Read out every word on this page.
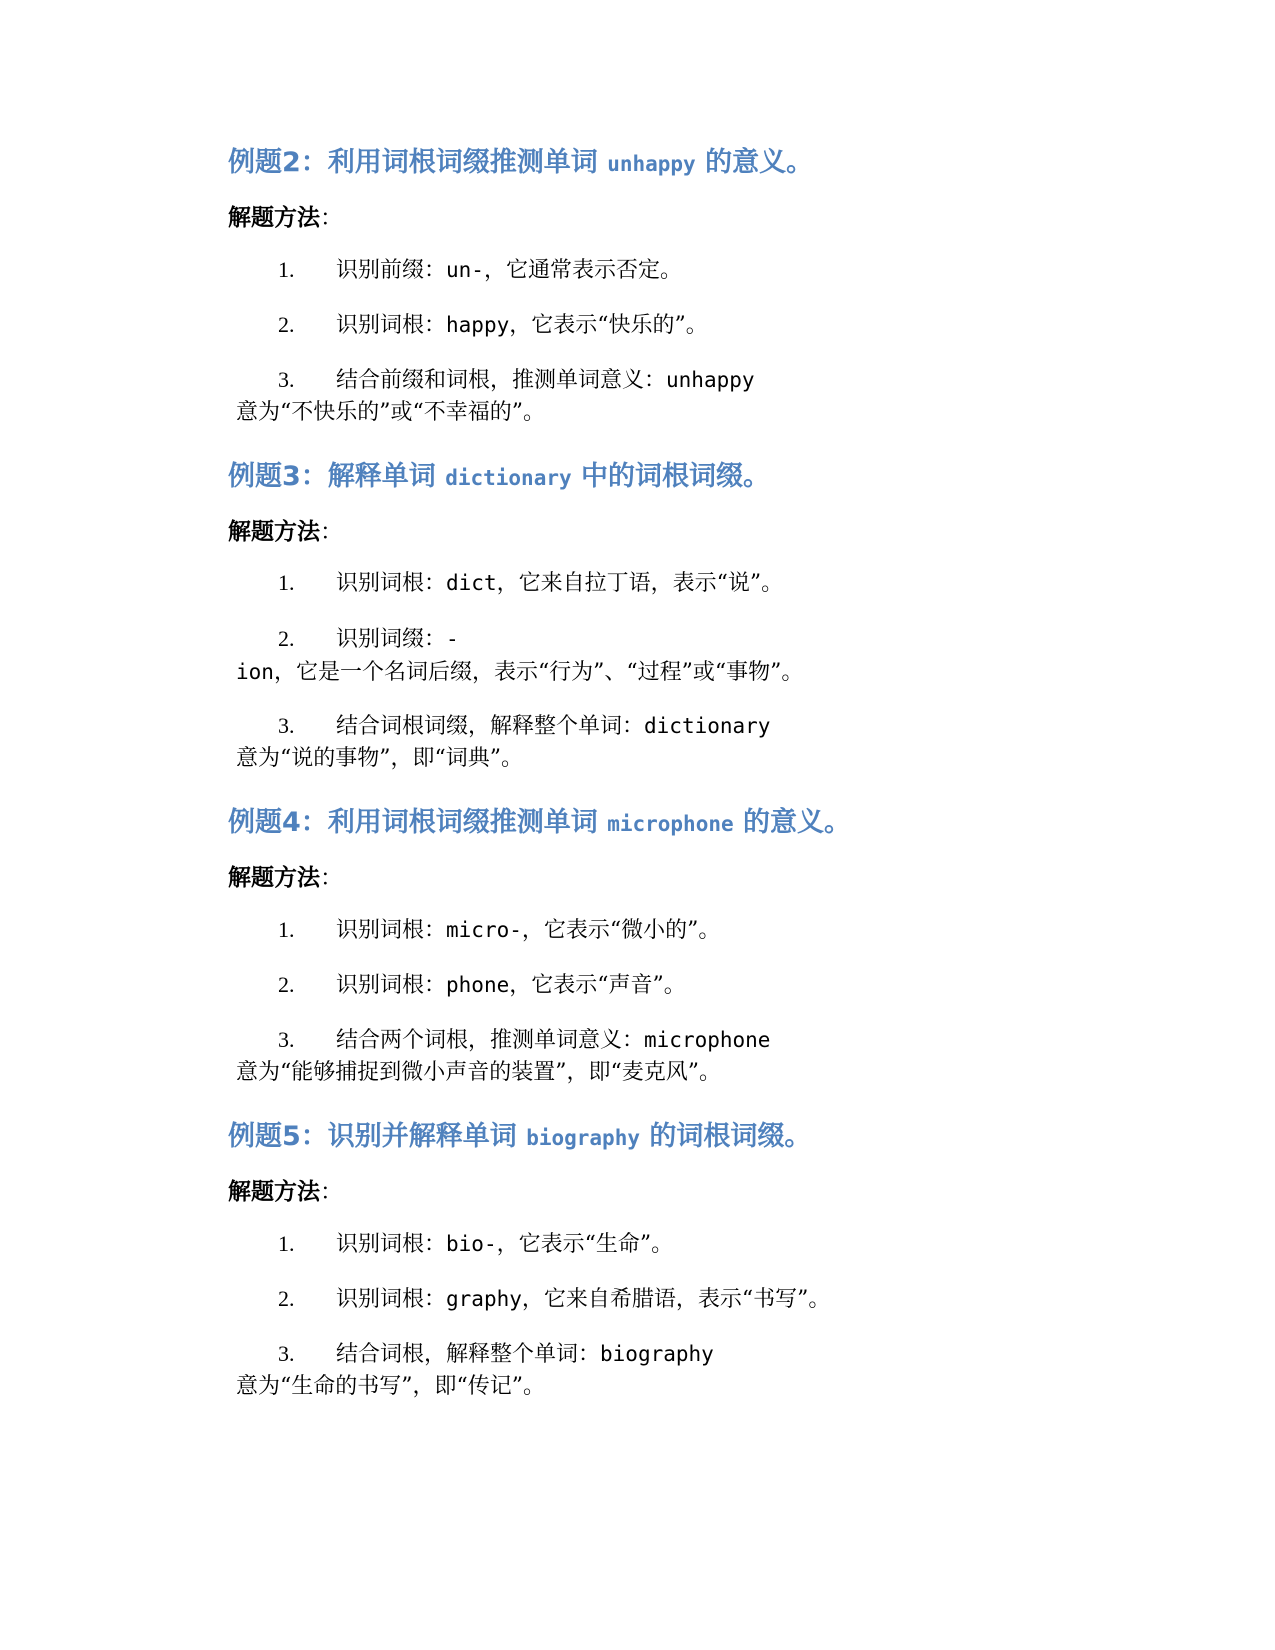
例题2：利用词根词缀推测单词 unhappy 的意义。
解题方法：
1. 识别前缀：un-，它通常表示否定。
2. 识别词根：happy，它表示“快乐的”。
3. 结合前缀和词根，推测单词意义：unhappy
意为“不快乐的”或“不幸福的”。
例题3：解释单词 dictionary 中的词根词缀。
解题方法：
1. 识别词根：dict，它来自拉丁语，表示“说”。
2. 识别词缀：-
ion，它是一个名词后缀，表示“行为”、“过程”或“事物”。
3. 结合词根词缀，解释整个单词：dictionary
意为“说的事物”，即“词典”。
例题4：利用词根词缀推测单词 microphone 的意义。
解题方法：
1. 识别词根：micro-，它表示“微小的”。
2. 识别词根：phone，它表示“声音”。
3. 结合两个词根，推测单词意义：microphone
意为“能够捕捉到微小声音的装置”，即“麦克风”。
例题5：识别并解释单词 biography 的词根词缀。
解题方法：
1. 识别词根：bio-，它表示“生命”。
2. 识别词根：graphy，它来自希腊语，表示“书写”。
3. 结合词根，解释整个单词：biography
意为“生命的书写”，即“传记”。
